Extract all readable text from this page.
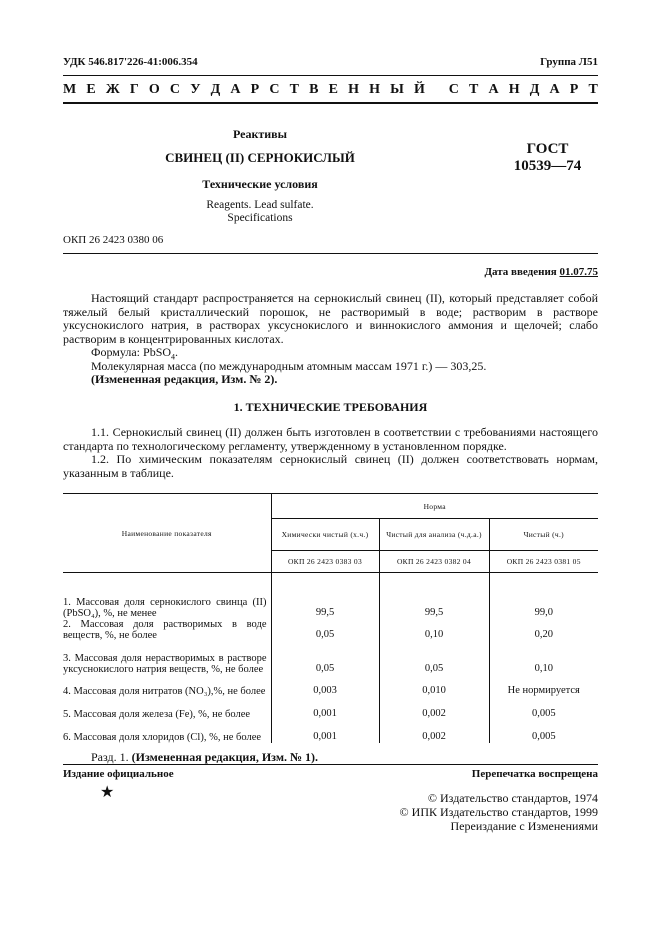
УДК 546.817'226-41:006.354	Группа Л51
М Е Ж Г О С У Д А Р С Т В Е Н Н Ы Й
С Т А Н Д А Р Т
Реактивы
СВИНЕЦ (II) СЕРНОКИСЛЫЙ
Технические условия
Reagents. Lead sulfate.
Specifications
ГОСТ
10539—74
ОКП 26 2423 0380 06
Дата введения 01.07.75
Настоящий стандарт распространяется на сернокислый свинец (II), который представляет собой тяжелый белый кристаллический порошок, не растворимый в воде; растворим в растворе уксуснокислого натрия, в растворах уксуснокислого и виннокислого аммония и щелочей; слабо растворим в концентрированных кислотах.
Формула: PbSO$_4$.
Молекулярная масса (по международным атомным массам 1971 г.) — 303,25.
(Измененная редакция, Изм. № 2).
1. ТЕХНИЧЕСКИЕ ТРЕБОВАНИЯ
1.1. Сернокислый свинец (II) должен быть изготовлен в соответствии с требованиями настоящего стандарта по технологическому регламенту, утвержденному в установленном порядке.
1.2. По химическим показателям сернокислый свинец (II) должен соответствовать нормам, указанным в таблице.
Наименование показателя	Норма		
	Химически чистый (х.ч.)	Чистый для анализа (ч.д.а.)	Чистый (ч.)
	ОКП 26 2423 0383 03	ОКП 26 2423 0382 04	ОКП 26 2423 0381 05
1. Массовая доля сернокислого свинца (II) (PbSO₄), %, не менее	99,5	99,5	99,0
2. Массовая доля растворимых в воде веществ, %, не более	0,05	0,10	0,20
3. Массовая доля нерастворимых в растворе уксуснокислого натрия веществ, %, не более	0,05	0,05	0,10
4. Массовая доля нитратов (NO₃),%, не более	0,003	0,010	Не нормируется
5. Массовая доля железа (Fe), %, не более	0,001	0,002	0,005
6. Массовая доля хлоридов (Cl), %, не более	0,001	0,002	0,005
Разд. 1. (Измененная редакция, Изм. № 1).
Издание официальное	Перепечатка воспрещена
★	© Издательство стандартов, 1974
© ИПК Издательство стандартов, 1999
Переиздание с Изменениями
